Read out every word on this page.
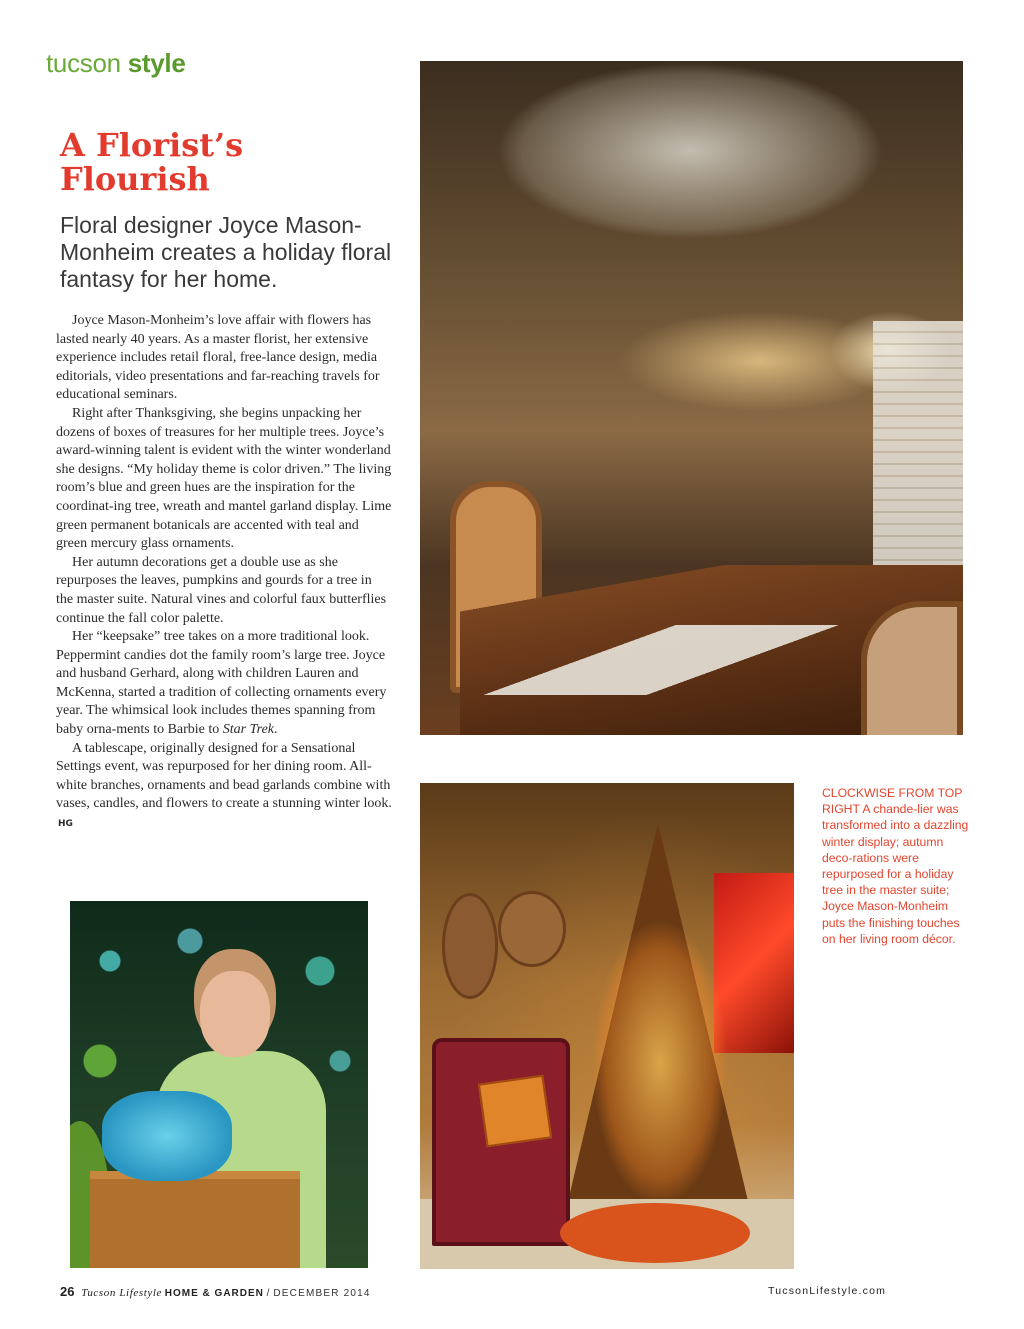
tucson style
A Florist’s
Flourish
Floral designer Joyce Mason-Monheim creates a holiday floral fantasy for her home.

Joyce Mason-Monheim’s love affair with flowers has lasted nearly 40 years. As a master florist, her extensive experience includes retail floral, free-lance design, media editorials, video presentations and far-reaching travels for educational seminars.

Right after Thanksgiving, she begins unpacking her dozens of boxes of treasures for her multiple trees. Joyce’s award-winning talent is evident with the winter wonderland she designs. “My holiday theme is color driven.” The living room’s blue and green hues are the inspiration for the coordinat-ing tree, wreath and mantel garland display. Lime green permanent botanicals are accented with teal and green mercury glass ornaments.

Her autumn decorations get a double use as she repurposes the leaves, pumpkins and gourds for a tree in the master suite. Natural vines and colorful faux butterflies continue the fall color palette.

Her “keepsake” tree takes on a more traditional look. Peppermint candies dot the family room’s large tree. Joyce and husband Gerhard, along with children Lauren and McKenna, started a tradition of collecting ornaments every year. The whimsical look includes themes spanning from baby orna-ments to Barbie to Star Trek.

A tablescape, originally designed for a Sensational Settings event, was repurposed for her dining room. All-white branches, ornaments and bead garlands combine with vases, candles, and flowers to create a stunning winter look. HG

CLOCKWISE FROM TOP RIGHT A chande-lier was transformed into a dazzling winter display; autumn deco-rations were repurposed for a holiday tree in the master suite; Joyce Mason-Monheim puts the finishing touches on her living room décor.
26 Tucson Lifestyle HOME & GARDEN / DECEMBER 2014	TucsonLifestyle.com
